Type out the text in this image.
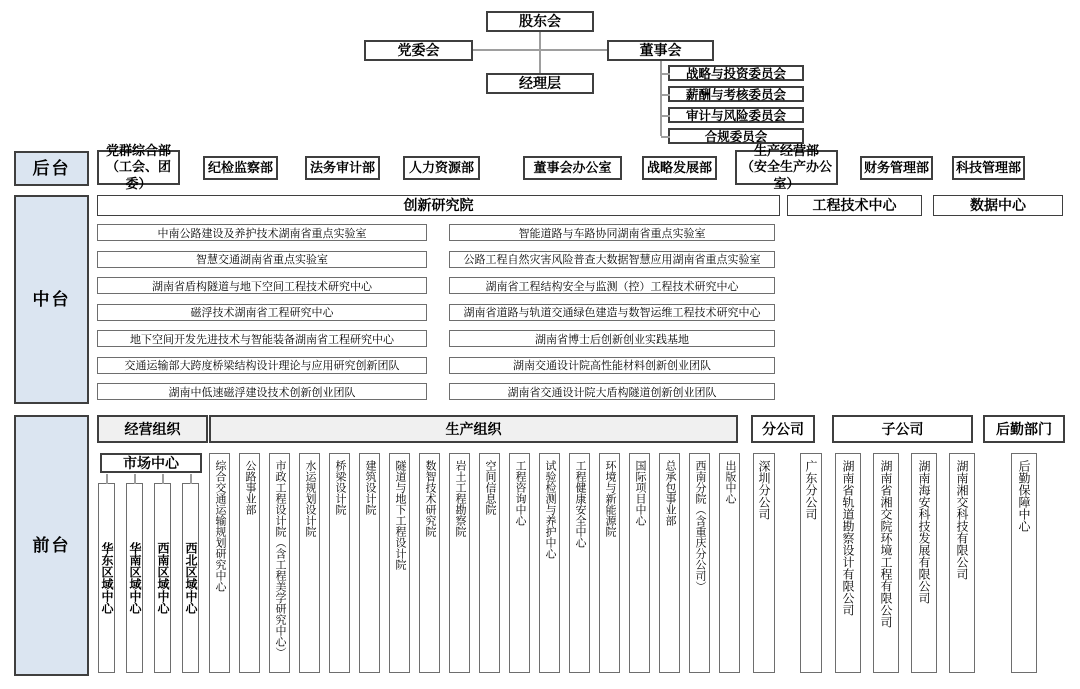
股东会
党委会	董事会
经理层
战略与投资委员会
薪酬与考核委员会
审计与风险委员会
合规委员会
后台
党群综合部
（工会、团委）
纪检监察部	法务审计部	人力资源部	董事会办公室	战略发展部
生产经营部
（安全生产办公室）
财务管理部	科技管理部
中台
创新研究院	工程技术中心	数据中心
中南公路建设及养护技术湖南省重点实验室
智慧交通湖南省重点实验室
湖南省盾构隧道与地下空间工程技术研究中心
磁浮技术湖南省工程研究中心
地下空间开发先进技术与智能装备湖南省工程研究中心
交通运输部大跨度桥梁结构设计理论与应用研究创新团队
湖南中低速磁浮建设技术创新创业团队
智能道路与车路协同湖南省重点实验室
公路工程自然灾害风险普查大数据智慧应用湖南省重点实验室
湖南省工程结构安全与监测（控）工程技术研究中心
湖南省道路与轨道交通绿色建造与数智运维工程技术研究中心
湖南省博士后创新创业实践基地
湖南交通设计院高性能材料创新创业团队
湖南省交通设计院大盾构隧道创新创业团队
前台
经营组织	生产组织	分公司	子公司	后勤部门
市场中心
华东区域中心 华南区域中心 西南区域中心 西北区域中心	综合交通运输规划研究中心	公路事业部	市政工程设计院（含工程美学研究中心）	水运规划设计院	桥梁设计院	建筑设计院	隧道与地下工程设计院	数智技术研究院	岩土工程勘察院	空间信息院	工程咨询中心	试验检测与养护中心	工程健康安全中心	环境与新能源院	国际项目中心	总承包事业部	西南分院（含重庆分公司）	出版中心	深圳分公司	广东分公司	湖南省轨道勘察设计有限公司	湖南省湘交院环境工程有限公司	湖南海安科技发展有限公司	湖南湘交科技有限公司	后勤保障中心
